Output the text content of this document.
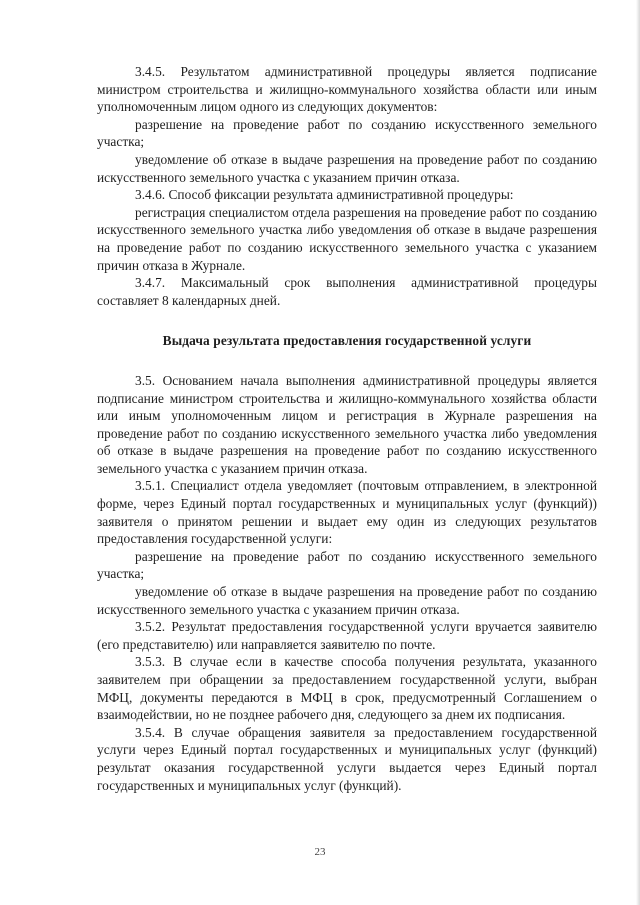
3.4.5. Результатом административной процедуры является подписание министром строительства и жилищно-коммунального хозяйства области или иным уполномоченным лицом одного из следующих документов:

разрешение на проведение работ по созданию искусственного земельного участка;

уведомление об отказе в выдаче разрешения на проведение работ по созданию искусственного земельного участка с указанием причин отказа.

3.4.6. Способ фиксации результата административной процедуры:

регистрация специалистом отдела разрешения на проведение работ по созданию искусственного земельного участка либо уведомления об отказе в выдаче разрешения на проведение работ по созданию искусственного земельного участка с указанием причин отказа в Журнале.

3.4.7. Максимальный срок выполнения административной процедуры составляет 8 календарных дней.

Выдача результата предоставления государственной услуги

3.5. Основанием начала выполнения административной процедуры является подписание министром строительства и жилищно-коммунального хозяйства области или иным уполномоченным лицом и регистрация в Журнале разрешения на проведение работ по созданию искусственного земельного участка либо уведомления об отказе в выдаче разрешения на проведение работ по созданию искусственного земельного участка с указанием причин отказа.

3.5.1. Специалист отдела уведомляет (почтовым отправлением, в электронной форме, через Единый портал государственных и муниципальных услуг (функций)) заявителя о принятом решении и выдает ему один из следующих результатов предоставления государственной услуги:

разрешение на проведение работ по созданию искусственного земельного участка;

уведомление об отказе в выдаче разрешения на проведение работ по созданию искусственного земельного участка с указанием причин отказа.

3.5.2. Результат предоставления государственной услуги вручается заявителю (его представителю) или направляется заявителю по почте.

3.5.3. В случае если в качестве способа получения результата, указанного заявителем при обращении за предоставлением государственной услуги, выбран МФЦ, документы передаются в МФЦ в срок, предусмотренный Соглашением о взаимодействии, но не позднее рабочего дня, следующего за днем их подписания.

3.5.4. В случае обращения заявителя за предоставлением государственной услуги через Единый портал государственных и муниципальных услуг (функций) результат оказания государственной услуги выдается через Единый портал государственных и муниципальных услуг (функций).

23
